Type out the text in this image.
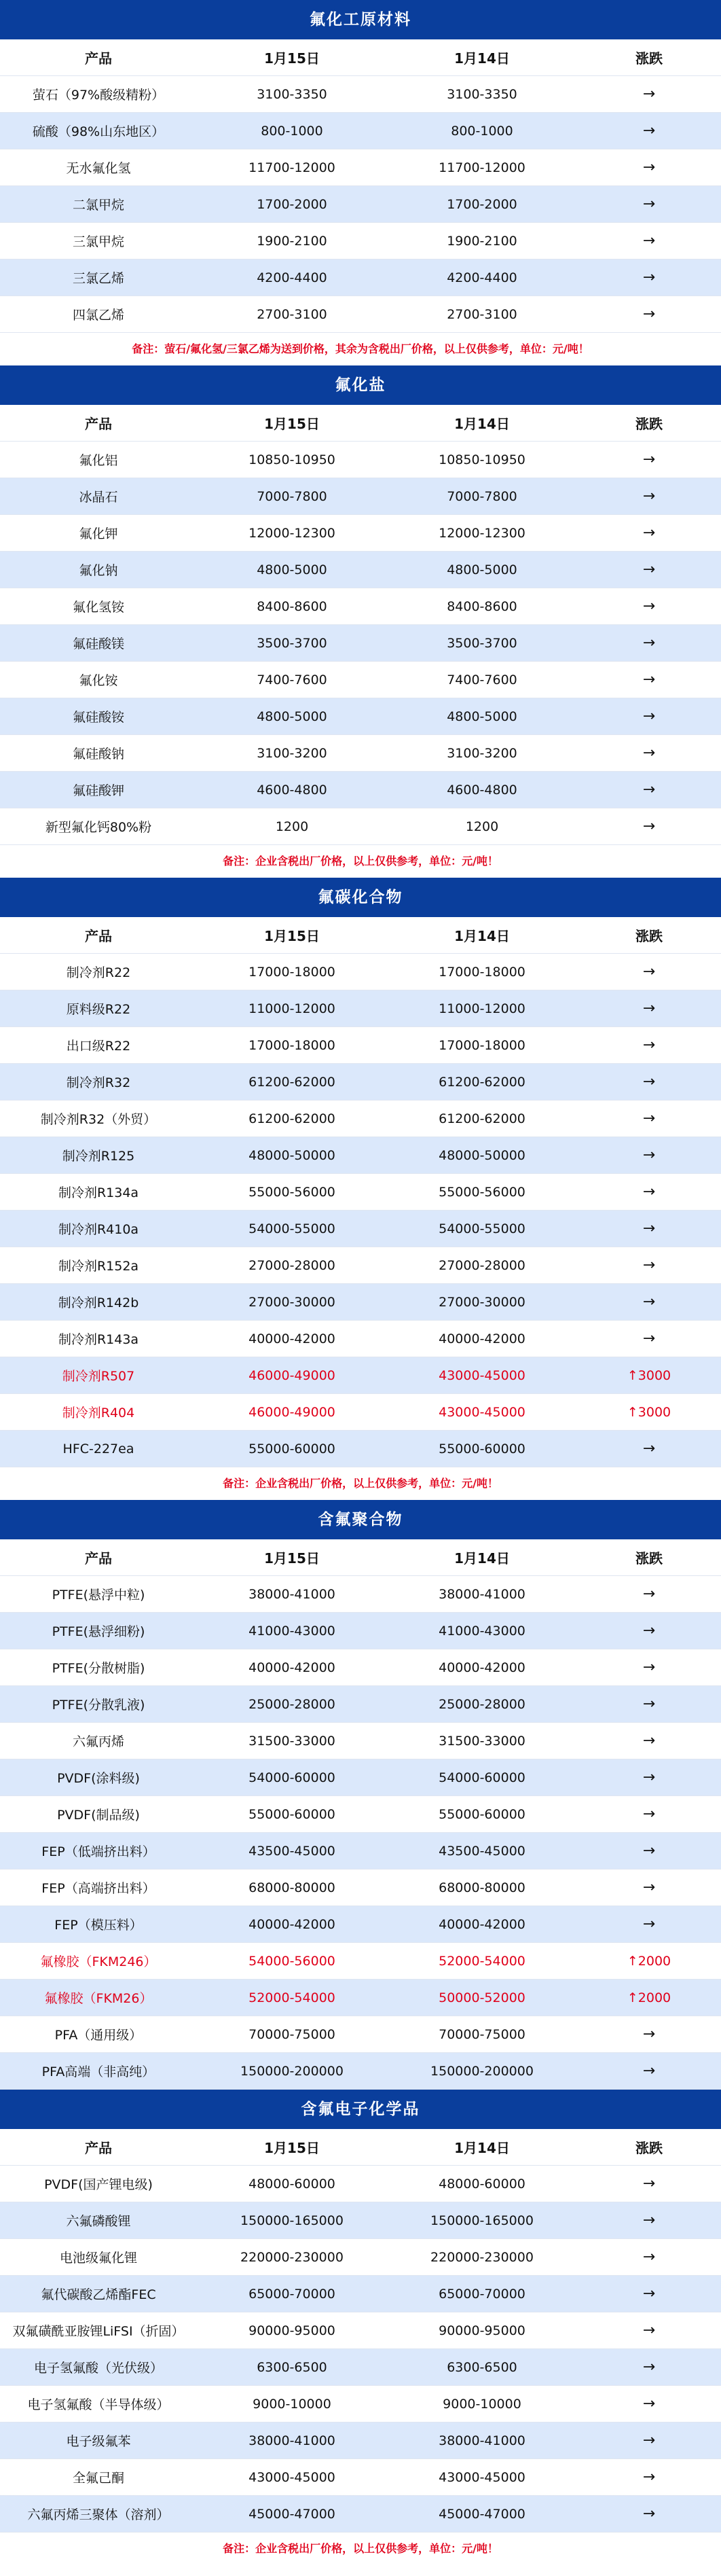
氟化工原材料
产品	1月15日	1月14日	涨跌
萤石（97%酸级精粉）	3100-3350	3100-3350	→
硫酸（98%山东地区）	800-1000	800-1000	→
无水氟化氢	11700-12000	11700-12000	→
二氯甲烷	1700-2000	1700-2000	→
三氯甲烷	1900-2100	1900-2100	→
三氯乙烯	4200-4400	4200-4400	→
四氯乙烯	2700-3100	2700-3100	→
备注：萤石/氟化氢/三氯乙烯为送到价格，其余为含税出厂价格，以上仅供参考，单位：元/吨！
氟化盐
产品	1月15日	1月14日	涨跌
氟化铝	10850-10950	10850-10950	→
冰晶石	7000-7800	7000-7800	→
氟化钾	12000-12300	12000-12300	→
氟化钠	4800-5000	4800-5000	→
氟化氢铵	8400-8600	8400-8600	→
氟硅酸镁	3500-3700	3500-3700	→
氟化铵	7400-7600	7400-7600	→
氟硅酸铵	4800-5000	4800-5000	→
氟硅酸钠	3100-3200	3100-3200	→
氟硅酸钾	4600-4800	4600-4800	→
新型氟化钙80%粉	1200	1200	→
备注：企业含税出厂价格，以上仅供参考，单位：元/吨！
氟碳化合物
产品	1月15日	1月14日	涨跌
制冷剂R22	17000-18000	17000-18000	→
原料级R22	11000-12000	11000-12000	→
出口级R22	17000-18000	17000-18000	→
制冷剂R32	61200-62000	61200-62000	→
制冷剂R32（外贸）	61200-62000	61200-62000	→
制冷剂R125	48000-50000	48000-50000	→
制冷剂R134a	55000-56000	55000-56000	→
制冷剂R410a	54000-55000	54000-55000	→
制冷剂R152a	27000-28000	27000-28000	→
制冷剂R142b	27000-30000	27000-30000	→
制冷剂R143a	40000-42000	40000-42000	→
制冷剂R507	46000-49000	43000-45000	↑3000
制冷剂R404	46000-49000	43000-45000	↑3000
HFC-227ea	55000-60000	55000-60000	→
备注：企业含税出厂价格，以上仅供参考，单位：元/吨！
含氟聚合物
产品	1月15日	1月14日	涨跌
PTFE(悬浮中粒)	38000-41000	38000-41000	→
PTFE(悬浮细粉)	41000-43000	41000-43000	→
PTFE(分散树脂)	40000-42000	40000-42000	→
PTFE(分散乳液)	25000-28000	25000-28000	→
六氟丙烯	31500-33000	31500-33000	→
PVDF(涂料级)	54000-60000	54000-60000	→
PVDF(制品级)	55000-60000	55000-60000	→
FEP（低端挤出料）	43500-45000	43500-45000	→
FEP（高端挤出料）	68000-80000	68000-80000	→
FEP（模压料）	40000-42000	40000-42000	→
氟橡胶（FKM246）	54000-56000	52000-54000	↑2000
氟橡胶（FKM26）	52000-54000	50000-52000	↑2000
PFA（通用级）	70000-75000	70000-75000	→
PFA高端（非高纯）	150000-200000	150000-200000	→
含氟电子化学品
产品	1月15日	1月14日	涨跌
PVDF(国产锂电级)	48000-60000	48000-60000	→
六氟磷酸锂	150000-165000	150000-165000	→
电池级氟化锂	220000-230000	220000-230000	→
氟代碳酸乙烯酯FEC	65000-70000	65000-70000	→
双氟磺酰亚胺锂LiFSI（折固）	90000-95000	90000-95000	→
电子氢氟酸（光伏级）	6300-6500	6300-6500	→
电子氢氟酸（半导体级）	9000-10000	9000-10000	→
电子级氟苯	38000-41000	38000-41000	→
全氟己酮	43000-45000	43000-45000	→
六氟丙烯三聚体（溶剂）	45000-47000	45000-47000	→
备注：企业含税出厂价格，以上仅供参考，单位：元/吨！
